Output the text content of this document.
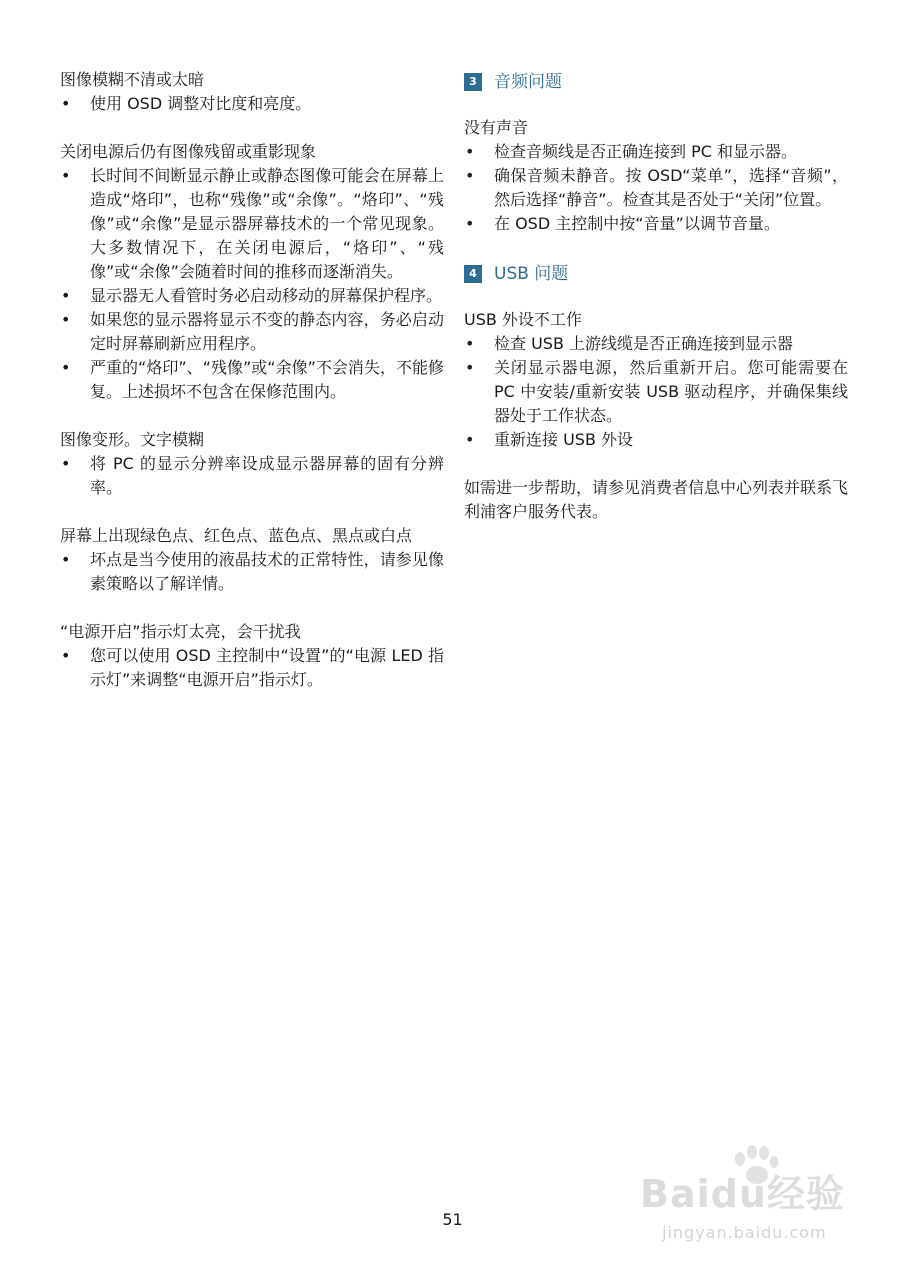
图像模糊不清或太暗

• 使用 OSD 调整对比度和亮度。

关闭电源后仍有图像残留或重影现象

• 长时间不间断显示静止或静态图像可能会在屏幕上造成“烙印”，也称“残像”或“余像”。“烙印”、“残像”或“余像”是显示器屏幕技术的一个常见现象。大多数情况下，在关闭电源后，“烙印”、“残像”或“余像”会随着时间的推移而逐渐消失。
• 显示器无人看管时务必启动移动的屏幕保护程序。
• 如果您的显示器将显示不变的静态内容，务必启动定时屏幕刷新应用程序。
• 严重的“烙印”、“残像”或“余像”不会消失，不能修复。上述损坏不包含在保修范围内。

图像变形。文字模糊

• 将 PC 的显示分辨率设成显示器屏幕的固有分辨率。

屏幕上出现绿色点、红色点、蓝色点、黑点或白点

• 坏点是当今使用的液晶技术的正常特性，请参见像素策略以了解详情。

“电源开启”指示灯太亮，会干扰我

• 您可以使用 OSD 主控制中“设置”的“电源 LED 指示灯”来调整“电源开启”指示灯。
3	音频问题

没有声音

• 检查音频线是否正确连接到 PC 和显示器。
• 确保音频未静音。按 OSD“菜单”，选择“音频”，然后选择“静音”。检查其是否处于“关闭”位置。
• 在 OSD 主控制中按“音量”以调节音量。
4	USB 问题

USB 外设不工作

• 检查 USB 上游线缆是否正确连接到显示器
• 关闭显示器电源，然后重新开启。您可能需要在 PC 中安装/重新安装 USB 驱动程序，并确保集线器处于工作状态。
• 重新连接 USB 外设

如需进一步帮助，请参见消费者信息中心列表并联系飞利浦客户服务代表。

51
Baidu经验
jingyan.baidu.com
